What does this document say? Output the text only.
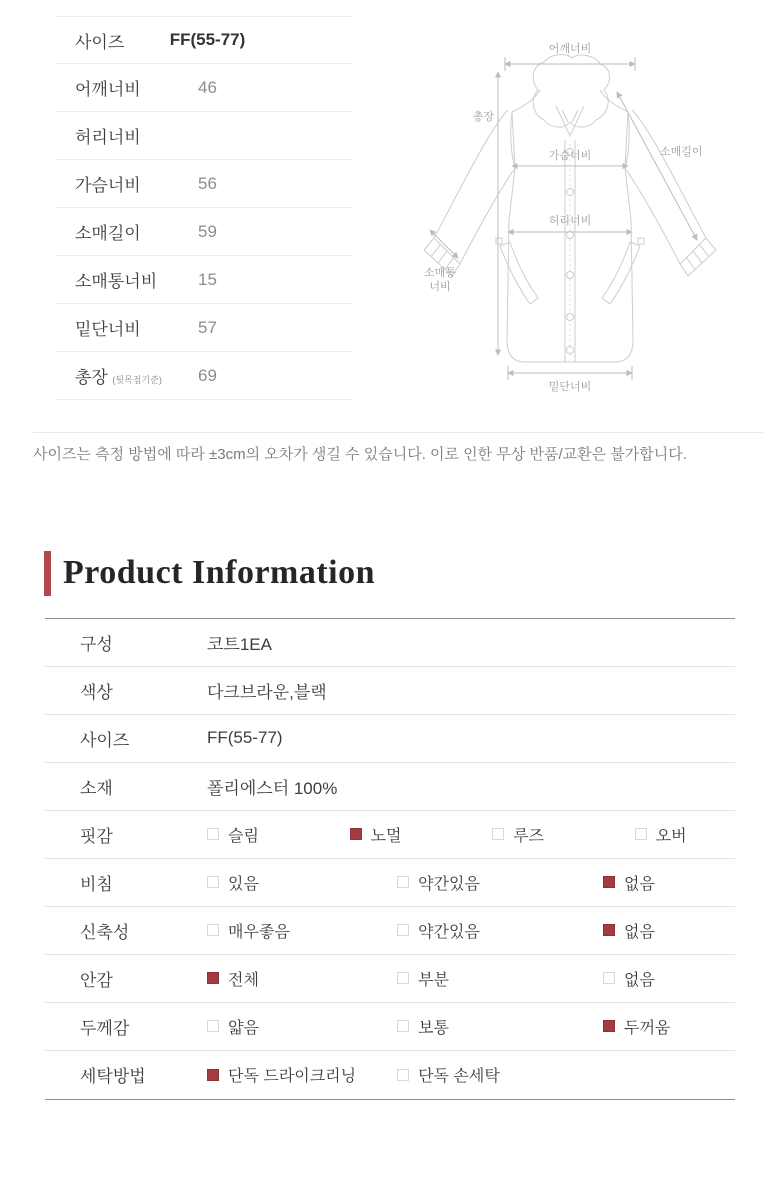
사이즈	FF(55-77)
어깨너비	46
허리너비
가슴너비	56
소매길이	59
소매통너비	15
밑단너비	57
총장 (뒷목점기준)	69
어깨너비
총장
가슴너비	소매길이
허리너비
소매통
너비
밑단너비

사이즈는 측정 방법에 따라 ±3cm의 오차가 생길 수 있습니다. 이로 인한 무상 반품/교환은 불가합니다.

Product Information
구성	코트1EA
색상	다크브라운,블랙
사이즈	FF(55-77)
소재	폴리에스터 100%
핏감	슬림	노멀	루즈	오버
비침	있음	약간있음	없음
신축성	매우좋음	약간있음	없음
안감	전체	부분	없음
두께감	얇음	보통	두꺼움
세탁방법	단독 드라이크리닝	단독 손세탁
